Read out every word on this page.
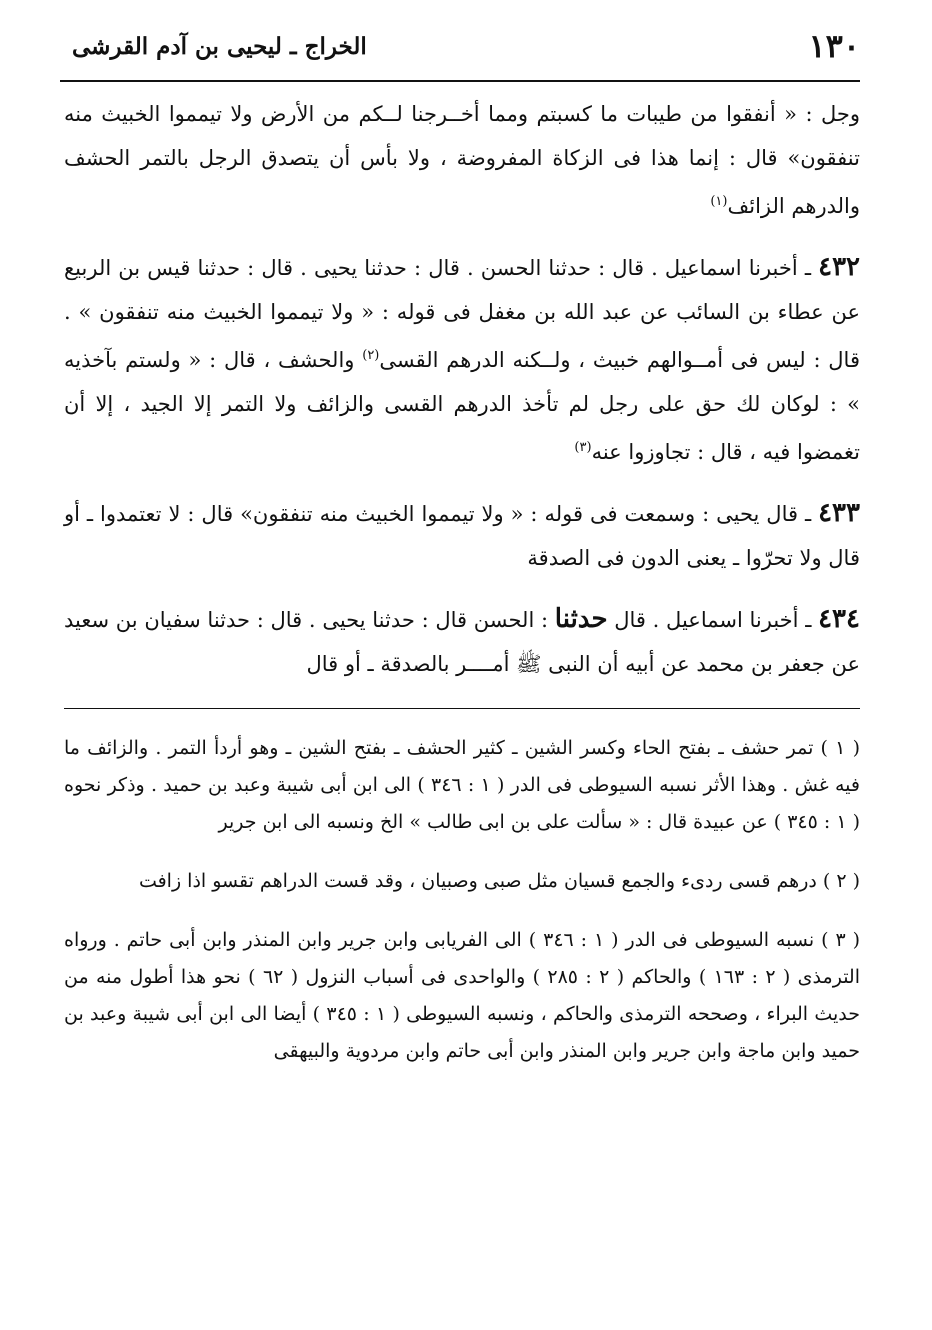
١٣٠
الخراج ـ ليحيى بن آدم القرشى

وجل : « أنفقوا من طيبات ما كسبتم ومما أخــرجنا لــكم من الأرض ولا تيمموا الخبيث منه تنفقون» قال : إنما هذا فى الزكاة المفروضة ، ولا بأس أن يتصدق الرجل بالتمر الحشف والدرهم الزائف$^{(١)}$

٤٣٢ ـ أخبرنا اسماعيل . قال : حدثنا الحسن . قال : حدثنا يحيى . قال : حدثنا قيس بن الربيع عن عطاء بن السائب عن عبد الله بن مغفل فى قوله : « ولا تيمموا الخبيث منه تنفقون » . قال : ليس فى أمــوالهم خبيث ، ولــكنه الدرهم القسى$^{(٢)}$ والحشف ، قال : « ولستم بآخذيه » : لوكان لك حق على رجل لم تأخذ الدرهم القسى والزائف ولا التمر إلا الجيد ، إلا أن تغمضوا فيه ، قال : تجاوزوا عنه$^{(٣)}$

٤٣٣ ـ قال يحيى : وسمعت فى قوله : « ولا تيمموا الخبيث منه تنفقون» قال : لا تعتمدوا ـ أو قال ولا تحرّوا ـ يعنى الدون فى الصدقة

٤٣٤ ـ أخبرنا اسماعيل . قال حدثنا : الحسن قال : حدثنا يحيى . قال : حدثنا سفيان بن سعيد عن جعفر بن محمد عن أبيه أن النبى ﷺ أمــــر بالصدقة ـ أو قال

( ١ ) تمر حشف ـ بفتح الحاء وكسر الشين ـ كثير الحشف ـ بفتح الشين ـ وهو أردأ التمر . والزائف ما فيه غش . وهذا الأثر نسبه السيوطى فى الدر ( ١ : ٣٤٦ ) الى ابن أبى شيبة وعبد بن حميد . وذكر نحوه ( ١ : ٣٤٥ ) عن عبيدة قال : « سألت على بن ابى طالب » الخ ونسبه الى ابن جرير

( ٢ ) درهم قسى ردىء والجمع قسيان مثل صبى وصبيان ، وقد قست الدراهم تقسو اذا زافت

( ٣ ) نسبه السيوطى فى الدر ( ١ : ٣٤٦ ) الى الفريابى وابن جرير وابن المنذر وابن أبى حاتم . ورواه الترمذى ( ٢ : ١٦٣ ) والحاكم ( ٢ : ٢٨٥ ) والواحدى فى أسباب النزول ( ٦٢ ) نحو هذا أطول منه من حديث البراء ، وصححه الترمذى والحاكم ، ونسبه السيوطى ( ١ : ٣٤٥ ) أيضا الى ابن أبى شيبة وعبد بن حميد وابن ماجة وابن جرير وابن المنذر وابن أبى حاتم وابن مردوية والبيهقى
